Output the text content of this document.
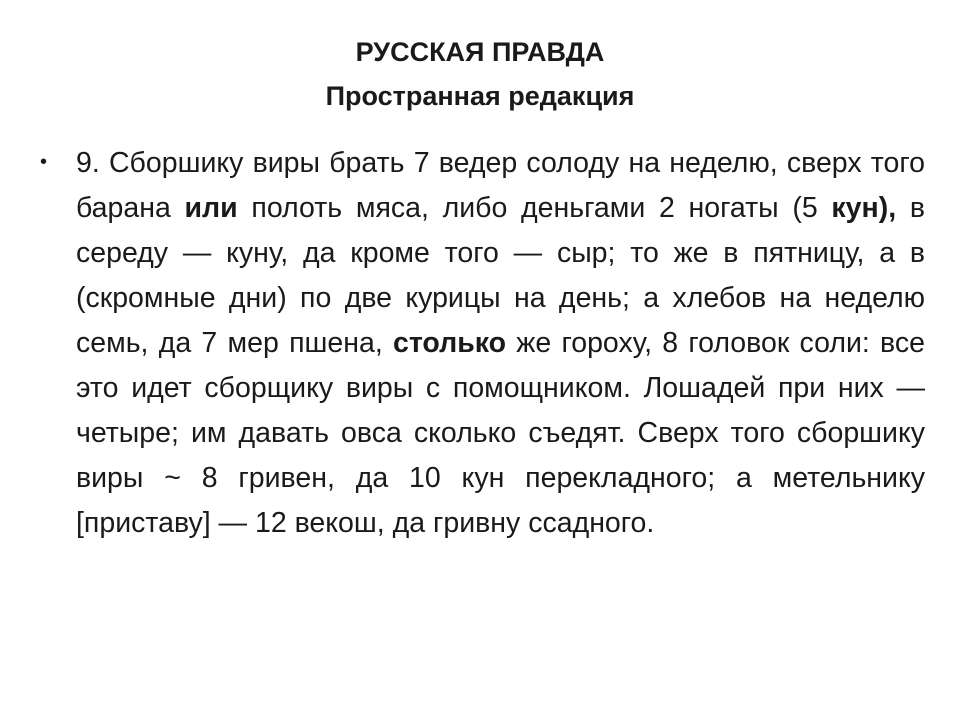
РУССКАЯ ПРАВДА
Пространная редакция
• 9. Сборшику виры брать 7 ведер солоду на неделю, сверх того барана или полоть мяса, либо деньгами 2 ногаты (5 кун), в середу — куну, да кроме того — сыр; то же в пятницу, а в (скромные дни) по две курицы на день; а хлебов на неделю семь, да 7 мер пшена, столько же гороху, 8 головок соли: все это идет сборщику виры с помощником. Лошадей при них — четыре; им давать овса сколько съедят. Сверх того сборшику виры ~ 8 гривен, да 10 кун перекладного; а метельнику [приставу] — 12 векош, да гривну ссадного.
